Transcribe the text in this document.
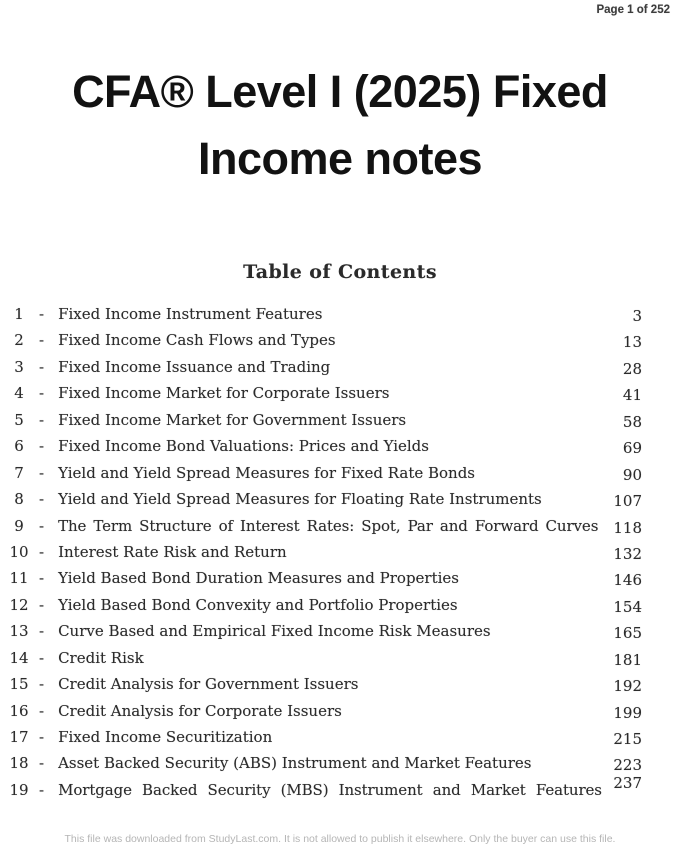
Page 1 of 252
CFA® Level I (2025) Fixed
Income notes
Table of Contents
1	- Fixed Income Instrument Features	3
2	- Fixed Income Cash Flows and Types	13
3	- Fixed Income Issuance and Trading	28
4	- Fixed Income Market for Corporate Issuers	41
5	- Fixed Income Market for Government Issuers	58
6	- Fixed Income Bond Valuations: Prices and Yields	69
7	- Yield and Yield Spread Measures for Fixed Rate Bonds	90
8	- Yield and Yield Spread Measures for Floating Rate Instruments	107
9	- The Term Structure of Interest Rates: Spot, Par and Forward Curves 118
10 - Interest Rate Risk and Return	132
11 - Yield Based Bond Duration Measures and Properties	146
12 - Yield Based Bond Convexity and Portfolio Properties	154
13 - Curve Based and Empirical Fixed Income Risk Measures	165
14 - Credit Risk	181
15 - Credit Analysis for Government Issuers	192
16 - Credit Analysis for Corporate Issuers	199
17 - Fixed Income Securitization	215
18 - Asset Backed Security (ABS) Instrument and Market Features	223
19 - Mortgage Backed Security (MBS) Instrument and Market Features 237
This file was downloaded from StudyLast.com. It is not allowed to publish it elsewhere. Only the buyer can use this file.
